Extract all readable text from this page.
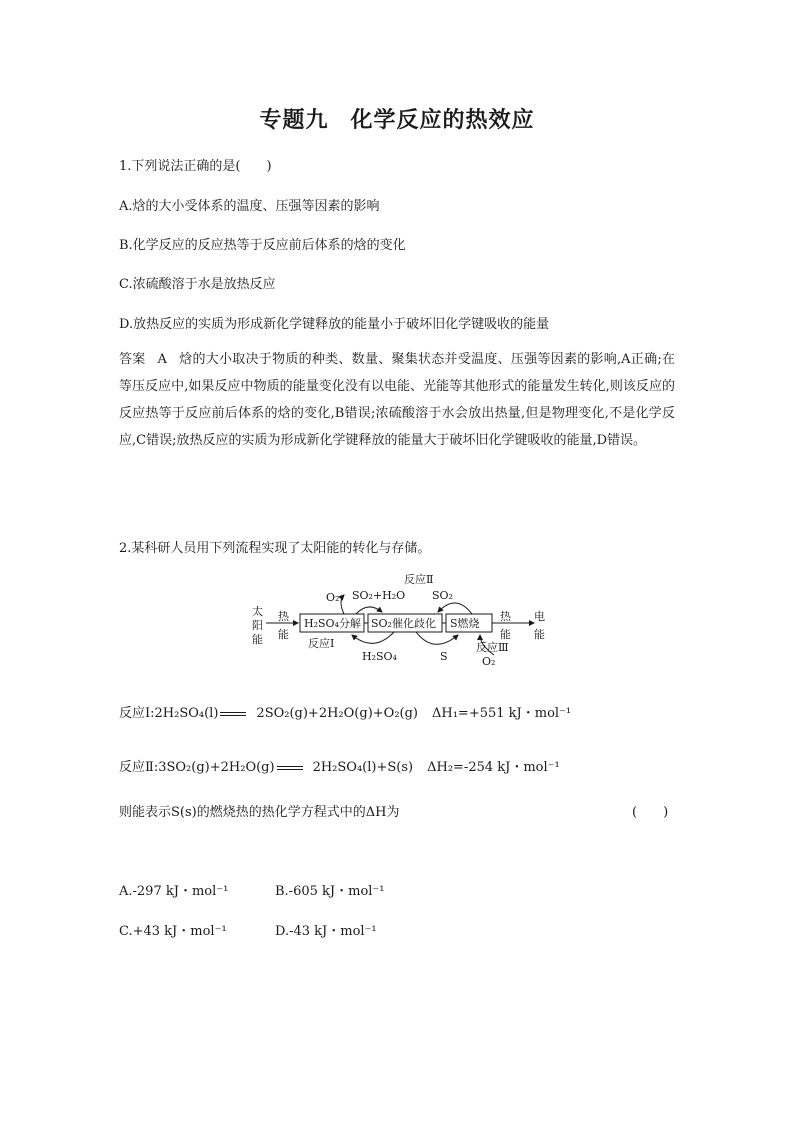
专题九 化学反应的热效应
1.下列说法正确的是(　　)
A.焓的大小受体系的温度、压强等因素的影响
B.化学反应的反应热等于反应前后体系的焓的变化
C.浓硫酸溶于水是放热反应
D.放热反应的实质为形成新化学键释放的能量小于破坏旧化学键吸收的能量
答案 A 焓的大小取决于物质的种类、数量、聚集状态并受温度、压强等因素的影响,A正确;在等压反应中,如果反应中物质的能量变化没有以电能、光能等其他形式的能量发生转化,则该反应的反应热等于反应前后体系的焓的变化,B错误;浓硫酸溶于水会放出热量,但是物理变化,不是化学反应,C错误;放热反应的实质为形成新化学键释放的能量大于破坏旧化学键吸收的能量,D错误。
2.某科研人员用下列流程实现了太阳能的转化与存储。
太
阳
能
热
能
H₂SO₄分解 SO₂催化歧化 S燃烧
热
能
电
能
反应Ⅱ
O₂ SO₂+H₂O SO₂
反应Ⅰ
H₂SO₄	S
反应Ⅲ
O₂
反应Ⅰ:2H₂SO₄(l)	2SO₂(g)+2H₂O(g)+O₂(g) ΔH₁=+551 kJ・mol⁻¹
反应Ⅱ:3SO₂(g)+2H₂O(g)	2H₂SO₄(l)+S(s) ΔH₂=-254 kJ・mol⁻¹
则能表示S(s)的燃烧热的热化学方程式中的ΔH为	(　　)
A.-297 kJ・mol⁻¹	B.-605 kJ・mol⁻¹
C.+43 kJ・mol⁻¹	D.-43 kJ・mol⁻¹
